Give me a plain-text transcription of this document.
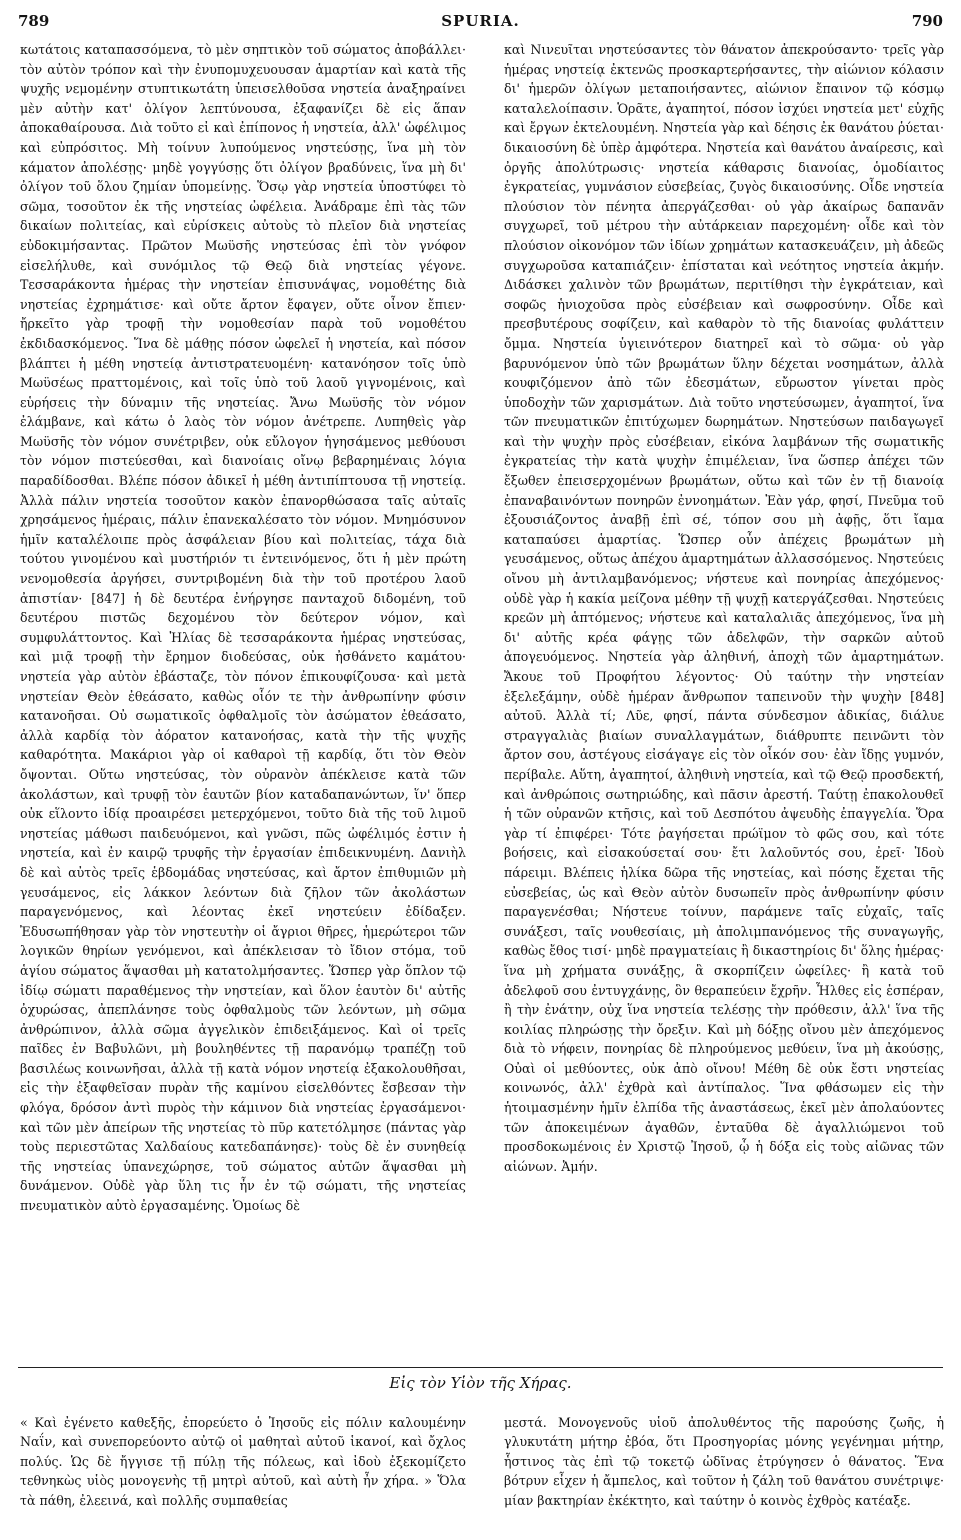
789	SPURIA.	790

κωτάτοις καταπασσόμενα, τὸ μὲν σηπτικὸν τοῦ σώματος ἀποβάλλει· τὸν αὐτὸν τρόπον καὶ τὴν ἐνυπομυχευουσαν ἁμαρτίαν καὶ κατὰ τῆς ψυχῆς νεμομένην στυπτικωτάτη ὑπεισελθοῦσα νηστεία ἀναξηραίνει μὲν αὐτὴν κατ' ὀλίγον λεπτύνουσα, ἐξαφανίζει δὲ εἰς ἅπαν ἀποκαθαίρουσα. Διὰ τοῦτο εἰ καὶ ἐπίπονος ἡ νηστεία, ἀλλ' ὠφέλιμος καὶ εὐπρόσιτος. Μὴ τοίνυν λυπούμενος νηστεύσῃς, ἵνα μὴ τὸν κάματον ἀπολέσῃς· μηδὲ γογγύσῃς ὅτι ὀλίγον βραδύνεις, ἵνα μὴ δι' ὀλίγον τοῦ ὅλου ζημίαν ὑπομείνῃς. Ὅσῳ γὰρ νηστεία ὑποστύφει τὸ σῶμα, τοσοῦτον ἐκ τῆς νηστείας ὠφέλεια. Ἀνάδραμε ἐπὶ τὰς τῶν δικαίων πολιτείας, καὶ εὑρίσκεις αὐτοὺς τὸ πλεῖον διὰ νηστείας εὐδοκιμήσαντας. Πρῶτον Μωϋσῆς νηστεύσας ἐπὶ τὸν γνόφον εἰσελήλυθε, καὶ συνόμιλος τῷ Θεῷ διὰ νηστείας γέγονε. Τεσσαράκοντα ἡμέρας τὴν νηστείαν ἐπισυνάψας, νομοθέτης διὰ νηστείας ἐχρημάτισε· καὶ οὔτε ἄρτον ἔφαγεν, οὔτε οἶνον ἔπιεν· ἤρκεῖτο γὰρ τροφῇ τὴν νομοθεσίαν παρὰ τοῦ νομοθέτου ἐκδιδασκόμενος. Ἵνα δὲ μάθῃς πόσον ὠφελεῖ ἡ νηστεία, καὶ πόσον βλάπτει ἡ μέθη νηστείᾳ ἀντιστρατευομένη· κατανόησον τοῖς ὑπὸ Μωϋσέως πραττομένοις, καὶ τοῖς ὑπὸ τοῦ λαοῦ γιγνομένοις, καὶ εὑρήσεις τὴν δύναμιν τῆς νηστείας. Ἄνω Μωϋσῆς τὸν νόμον ἐλάμβανε, καὶ κάτω ὁ λαὸς τὸν νόμον ἀνέτρεπε. Λυπηθεὶς γὰρ Μωϋσῆς τὸν νόμον συνέτριβεν, οὐκ εὔλογον ἡγησάμενος μεθύουσι τὸν νόμον πιστεύεσθαι, καὶ διανοίαις οἴνῳ βεβαρημέναις λόγια παραδίδοσθαι. Βλέπε πόσον ἀδικεῖ ἡ μέθη ἀντιπίπτουσα τῇ νηστείᾳ. Ἀλλὰ πάλιν νηστεία τοσοῦτον κακὸν ἐπανορθώσασα ταῖς αὐταῖς χρησάμενος ἡμέραις, πάλιν ἐπανεκαλέσατο τὸν νόμον. Μνημόσυνον ἡμῖν καταλέλοιπε πρὸς ἀσφάλειαν βίου καὶ πολιτείας, τάχα διὰ τούτου γινομένου καὶ μυστήριόν τι ἐντεινόμενος, ὅτι ἡ μὲν πρώτη νενομοθεσία ἀργήσει, συντριβομένη διὰ τὴν τοῦ προτέρου λαοῦ ἀπιστίαν· [847] ἡ δὲ δευτέρα ἐνήργησε πανταχοῦ διδομένη, τοῦ δευτέρου πιστῶς δεχομένου τὸν δεύτερον νόμον, καὶ συμφυλάττοντος. Καὶ Ἠλίας δὲ τεσσαράκοντα ἡμέρας νηστεύσας, καὶ μιᾷ τροφῇ τὴν ἔρημον διοδεύσας, οὐκ ἠσθάνετο καμάτου· νηστεία γὰρ αὐτὸν ἐβάσταζε, τὸν πόνον ἐπικουφίζουσα· καὶ μετὰ νηστείαν Θεὸν ἐθεάσατο, καθὼς οἷόν τε τὴν ἀνθρωπίνην φύσιν κατανοῆσαι. Οὐ σωματικοῖς ὀφθαλμοῖς τὸν ἀσώματον ἐθεάσατο, ἀλλὰ καρδίᾳ τὸν ἀόρατον κατανοήσας, κατὰ τὴν τῆς ψυχῆς καθαρότητα. Μακάριοι γὰρ οἱ καθαροὶ τῇ καρδίᾳ, ὅτι τὸν Θεὸν ὄψονται. Οὕτω νηστεύσας, τὸν οὐρανὸν ἀπέκλεισε κατὰ τῶν ἀκολάστων, καὶ τρυφῇ τὸν ἑαυτῶν βίον καταδαπανώντων, ἵν' ὅπερ οὐκ εἵλοντο ἰδίᾳ προαιρέσει μετερχόμενοι, τοῦτο διὰ τῆς τοῦ λιμοῦ νηστείας μάθωσι παιδευόμενοι, καὶ γνῶσι, πῶς ὠφέλιμός ἐστιν ἡ νηστεία, καὶ ἐν καιρῷ τρυφῆς τὴν ἐργασίαν ἐπιδεικνυμένη. Δανιὴλ δὲ καὶ αὐτὸς τρεῖς ἑβδομάδας νηστεύσας, καὶ ἄρτον ἐπιθυμιῶν μὴ γευσάμενος, εἰς λάκκον λεόντων διὰ ζῆλον τῶν ἀκολάστων παραγενόμενος, καὶ λέοντας ἐκεῖ νηστεύειν ἐδίδαξεν. Ἐδυσωπήθησαν γὰρ τὸν νηστευτὴν οἱ ἄγριοι θῆρες, ἡμερώτεροι τῶν λογικῶν θηρίων γενόμενοι, καὶ ἀπέκλεισαν τὸ ἴδιον στόμα, τοῦ ἁγίου σώματος ἅψασθαι μὴ κατατολμήσαντες. Ὥσπερ γὰρ ὅπλον τῷ ἰδίῳ σώματι παραθέμενος τὴν νηστείαν, καὶ ὅλον ἑαυτὸν δι' αὐτῆς ὀχυρώσας, ἀπεπλάνησε τοὺς ὀφθαλμοὺς τῶν λεόντων, μὴ σῶμα ἀνθρώπινον, ἀλλὰ σῶμα ἀγγελικὸν ἐπιδειξάμενος. Καὶ οἱ τρεῖς παῖδες ἐν Βαβυλῶνι, μὴ βουληθέντες τῇ παρανόμῳ τραπέζῃ τοῦ βασιλέως κοινωνῆσαι, ἀλλὰ τῇ κατὰ νόμον νηστείᾳ ἐξακολουθῆσαι, εἰς τὴν ἐξαφθεῖσαν πυρὰν τῆς καμίνου εἰσελθόντες ἔσβεσαν τὴν φλόγα, δρόσον ἀντὶ πυρὸς τὴν κάμινον διὰ νηστείας ἐργασάμενοι· καὶ τῶν μὲν ἀπείρων τῆς νηστείας τὸ πῦρ κατετόλμησε (πάντας γὰρ τοὺς περιεστῶτας Χαλδαίους κατεδαπάνησε)· τοὺς δὲ ἐν συνηθείᾳ τῆς νηστείας ὑπανεχώρησε, τοῦ σώματος αὐτῶν ἅψασθαι μὴ δυνάμενον. Οὐδὲ γὰρ ὕλη τις ἦν ἐν τῷ σώματι, τῆς νηστείας πνευματικὸν αὐτὸ ἐργασαμένης. Ὁμοίως δὲ

καὶ Νινευῖται νηστεύσαντες τὸν θάνατον ἀπεκρούσαντο· τρεῖς γὰρ ἡμέρας νηστείᾳ ἐκτενῶς προσκαρτερήσαντες, τὴν αἰώνιον κόλασιν δι' ἡμερῶν ὀλίγων μεταποιήσαντες, αἰώνιον ἔπαινον τῷ κόσμῳ καταλελοίπασιν. Ὁρᾶτε, ἀγαπητοί, πόσον ἰσχύει νηστεία μετ' εὐχῆς καὶ ἔργων ἐκτελουμένη. Νηστεία γὰρ καὶ δέησις ἐκ θανάτου ῥύεται· δικαιοσύνη δὲ ὑπὲρ ἀμφότερα. Νηστεία καὶ θανάτου ἀναίρεσις, καὶ ὀργῆς ἀπολύτρωσις· νηστεία κάθαρσις διανοίας, ὁμοδίαιτος ἐγκρατείας, γυμνάσιον εὐσεβείας, ζυγὸς δικαιοσύνης. Οἶδε νηστεία πλούσιον τὸν πένητα ἀπεργάζεσθαι· οὐ γὰρ ἀκαίρως δαπανᾶν συγχωρεῖ, τοῦ μέτρου τὴν αὐτάρκειαν παρεχομένη· οἶδε καὶ τὸν πλούσιον οἰκονόμον τῶν ἰδίων χρημάτων κατασκευάζειν, μὴ ἀδεῶς συγχωροῦσα καταπιάζειν· ἐπίσταται καὶ νεότητος νηστεία ἀκμήν. Διδάσκει χαλινὸν τῶν βρωμάτων, περιτίθησι τὴν ἐγκράτειαν, καὶ σοφῶς ἡνιοχοῦσα πρὸς εὐσέβειαν καὶ σωφροσύνην. Οἶδε καὶ πρεσβυτέρους σοφίζειν, καὶ καθαρὸν τὸ τῆς διανοίας φυλάττειν ὄμμα. Νηστεία ὑγιεινότερον διατηρεῖ καὶ τὸ σῶμα· οὐ γὰρ βαρυνόμενον ὑπὸ τῶν βρωμάτων ὕλην δέχεται νοσημάτων, ἀλλὰ κουφιζόμενον ἀπὸ τῶν ἐδεσμάτων, εὔρωστον γίνεται πρὸς ὑποδοχὴν τῶν χαρισμάτων. Διὰ τοῦτο νηστεύσωμεν, ἀγαπητοί, ἵνα τῶν πνευματικῶν ἐπιτύχωμεν δωρημάτων. Νηστεύσων παιδαγωγεῖ καὶ τὴν ψυχὴν πρὸς εὐσέβειαν, εἰκόνα λαμβάνων τῆς σωματικῆς ἐγκρατείας τὴν κατὰ ψυχὴν ἐπιμέλειαν, ἵνα ὥσπερ ἀπέχει τῶν ἔξωθεν ἐπεισερχομένων βρωμάτων, οὕτω καὶ τῶν ἐν τῇ διανοίᾳ ἐπαναβαινόντων πονηρῶν ἐννοημάτων. Ἐὰν γάρ, φησί, Πνεῦμα τοῦ ἐξουσιάζοντος ἀναβῇ ἐπὶ σέ, τόπον σου μὴ ἀφῇς, ὅτι ἴαμα καταπαύσει ἁμαρτίας. Ὥσπερ οὖν ἀπέχεις βρωμάτων μὴ γευσάμενος, οὕτως ἀπέχου ἁμαρτημάτων ἀλλασσόμενος. Νηστεύεις οἴνου μὴ ἀντιλαμβανόμενος; νήστευε καὶ πονηρίας ἀπεχόμενος· οὐδὲ γὰρ ἡ κακία μείζονα μέθην τῇ ψυχῇ κατεργάζεσθαι. Νηστεύεις κρεῶν μὴ ἁπτόμενος; νήστευε καὶ καταλαλιᾶς ἀπεχόμενος, ἵνα μὴ δι' αὐτῆς κρέα φάγῃς τῶν ἀδελφῶν, τὴν σαρκῶν αὐτοῦ ἀπογευόμενος. Νηστεία γὰρ ἀληθινή, ἀποχὴ τῶν ἁμαρτημάτων. Ἄκουε τοῦ Προφήτου λέγοντος· Οὐ ταύτην τὴν νηστείαν ἐξελεξάμην, οὐδὲ ἡμέραν ἄνθρωπον ταπεινοῦν τὴν ψυχὴν [848] αὐτοῦ. Ἀλλὰ τί; Λῦε, φησί, πάντα σύνδεσμον ἀδικίας, διάλυε στραγγαλιὰς βιαίων συναλλαγμάτων, διάθρυπτε πεινῶντι τὸν ἄρτον σου, ἀστέγους εἰσάγαγε εἰς τὸν οἶκόν σου· ἐὰν ἴδῃς γυμνόν, περίβαλε. Αὕτη, ἀγαπητοί, ἀληθινὴ νηστεία, καὶ τῷ Θεῷ προσδεκτή, καὶ ἀνθρώποις σωτηριώδης, καὶ πᾶσιν ἀρεστή. Ταύτῃ ἐπακολουθεῖ ἡ τῶν οὐρανῶν κτῆσις, καὶ τοῦ Δεσπότου ἀψευδὴς ἐπαγγελία. Ὅρα γὰρ τί ἐπιφέρει· Τότε ῥαγήσεται πρώϊμον τὸ φῶς σου, καὶ τότε βοήσεις, καὶ εἰσακούσεταί σου· ἔτι λαλοῦντός σου, ἐρεῖ· Ἰδοὺ πάρειμι. Βλέπεις ἡλίκα δῶρα τῆς νηστείας, καὶ πόσης ἔχεται τῆς εὐσεβείας, ὡς καὶ Θεὸν αὐτὸν δυσωπεῖν πρὸς ἀνθρωπίνην φύσιν παραγενέσθαι; Νήστευε τοίνυν, παράμενε ταῖς εὐχαῖς, ταῖς συνάξεσι, ταῖς νουθεσίαις, μὴ ἀπολιμπανόμενος τῆς συναγωγῆς, καθὼς ἔθος τισί· μηδὲ πραγματείαις ἢ δικαστηρίοις δι' ὅλης ἡμέρας· ἵνα μὴ χρήματα συνάξῃς, ἃ σκορπίζειν ὠφείλες· ἢ κατὰ τοῦ ἀδελφοῦ σου ἐντυγχάνῃς, ὃν θεραπεύειν ἔχρῆν. Ἦλθες εἰς ἑσπέραν, ἢ τὴν ἐνάτην, οὐχ ἵνα νηστεία τελέσῃς τὴν πρόθεσιν, ἀλλ' ἵνα τῆς κοιλίας πληρώσῃς τὴν ὄρεξιν. Καὶ μὴ δόξῃς οἴνου μὲν ἀπεχόμενος διὰ τὸ νήφειν, πονηρίας δὲ πληρούμενος μεθύειν, ἵνα μὴ ἀκούσῃς, Οὐαὶ οἱ μεθύοντες, οὐκ ἀπὸ οἴνου! Μέθη δὲ οὐκ ἔστι νηστείας κοινωνός, ἀλλ' ἐχθρὰ καὶ ἀντίπαλος. Ἵνα φθάσωμεν εἰς τὴν ἡτοιμασμένην ἡμῖν ἐλπίδα τῆς ἀναστάσεως, ἐκεῖ μὲν ἀπολαύοντες τῶν ἀποκειμένων ἀγαθῶν, ἐνταῦθα δὲ ἀγαλλιώμενοι τοῦ προσδοκωμένοις ἐν Χριστῷ Ἰησοῦ, ᾧ ἡ δόξα εἰς τοὺς αἰῶνας τῶν αἰώνων. Ἀμήν.

Εἰς τὸν Υἱὸν τῆς Χήρας.

« Καὶ ἐγένετο καθεξῆς, ἐπορεύετο ὁ Ἰησοῦς εἰς πόλιν καλουμένην Ναΐν, καὶ συνεπορεύοντο αὐτῷ οἱ μαθηταὶ αὐτοῦ ἱκανοί, καὶ ὄχλος πολύς. Ὡς δὲ ἤγγισε τῇ πύλῃ τῆς πόλεως, καὶ ἰδοὺ ἐξεκομίζετο τεθνηκὼς υἱὸς μονογενὴς τῇ μητρὶ αὐτοῦ, καὶ αὐτὴ ἦν χήρα. » Ὅλα τὰ πάθη, ἐλεεινά, καὶ πολλῆς συμπαθείας

μεστά. Μονογενοῦς υἱοῦ ἀπολυθέντος τῆς παρούσης ζωῆς, ἡ γλυκυτάτη μήτηρ ἐβόα, ὅτι Προσηγορίας μόνης γεγένημαι μήτηρ, ἧστινος τὰς ἐπὶ τῷ τοκετῷ ὠδῖνας ἐτρύγησεν ὁ θάνατος. Ἕνα βότρυν εἶχεν ἡ ἄμπελος, καὶ τοῦτον ἡ ζάλη τοῦ θανάτου συνέτριψε· μίαν βακτηρίαν ἐκέκτητο, καὶ ταύτην ὁ κοινὸς ἐχθρὸς κατέαξε.
